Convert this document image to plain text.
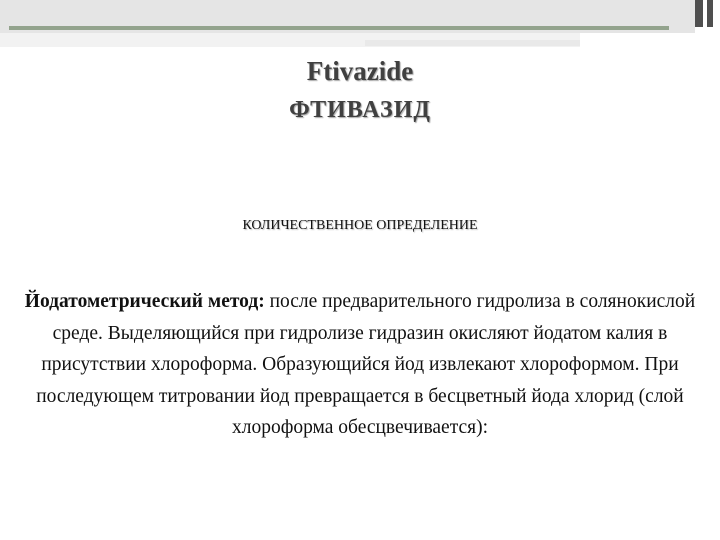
Ftivazide
ФТИВАЗИД
КОЛИЧЕСТВЕННОЕ ОПРЕДЕЛЕНИЕ
Йодатометрический метод: после предварительного гидролиза в солянокислой среде. Выделяющийся при гидролизе гидразин окисляют йодатом калия в присутствии хлороформа. Образующийся йод извлекают хлороформом. При последующем титровании йод превращается в бесцветный йода хлорид (слой хлороформа обесцвечивается):
